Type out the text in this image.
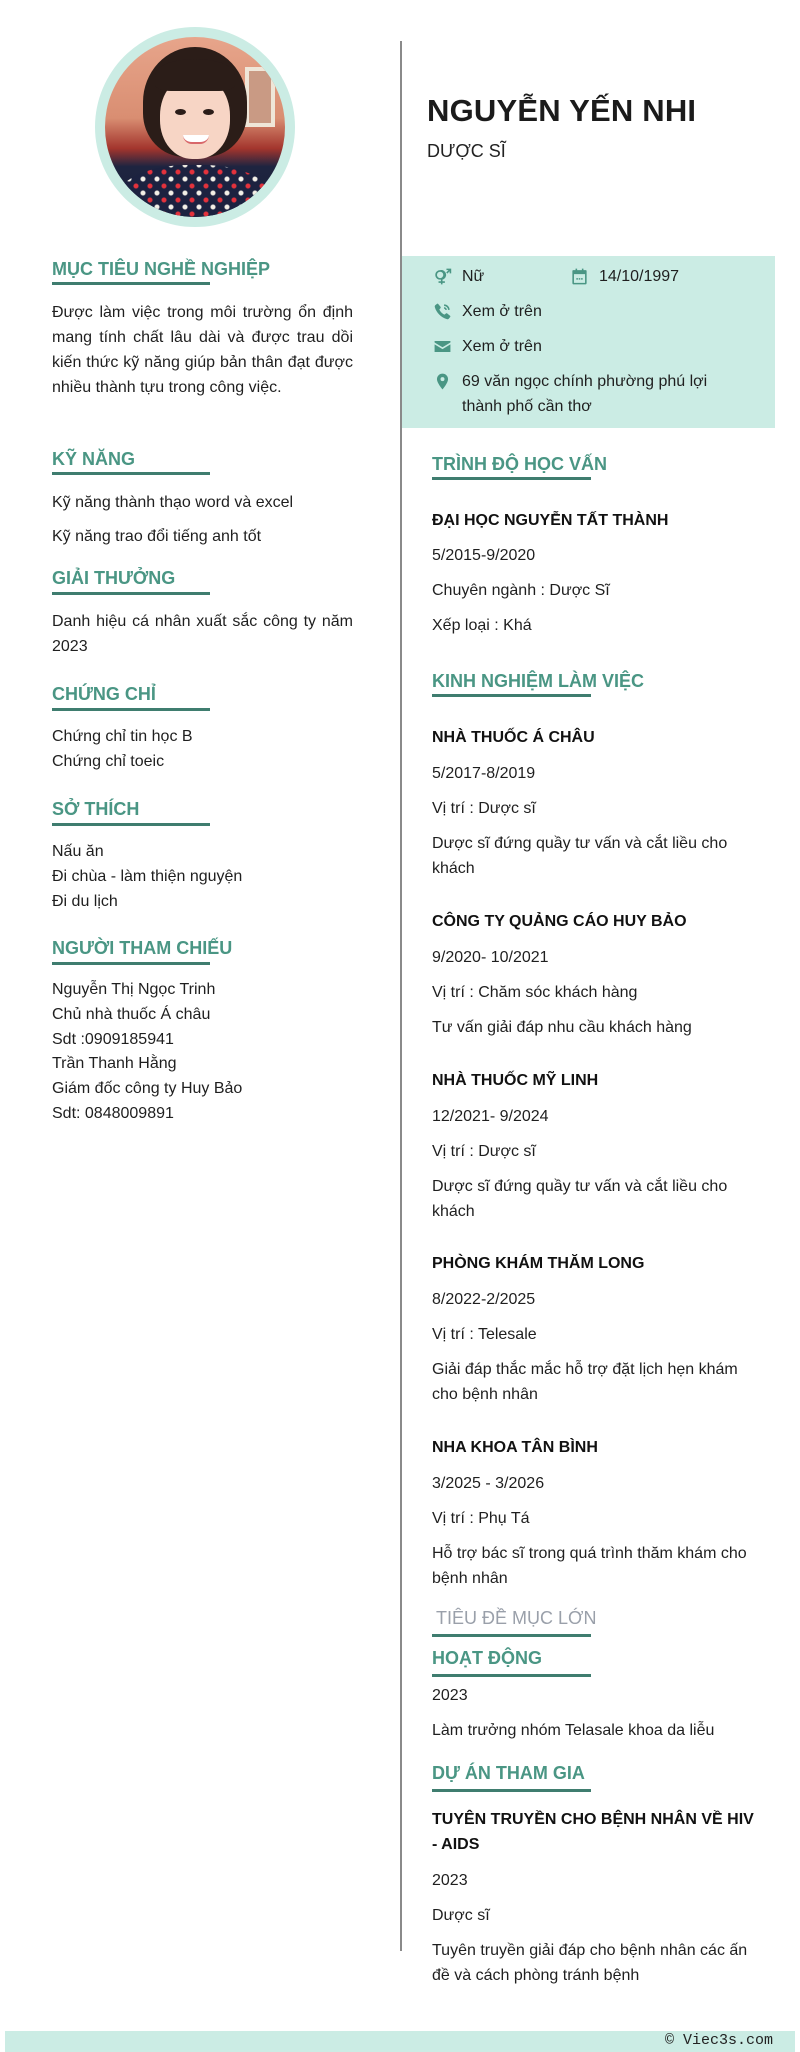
MỤC TIÊU NGHỀ NGHIỆP
Được làm việc trong môi trường ổn định mang tính chất lâu dài và được trau dồi kiến thức kỹ năng giúp bản thân đạt được nhiều thành tựu trong công việc.
KỸ NĂNG
Kỹ năng thành thạo word và excel
Kỹ năng trao đổi tiếng anh tốt
GIẢI THƯỞNG
Danh hiệu cá nhân xuất sắc công ty năm 2023
CHỨNG CHỈ
Chứng chỉ tin học B
Chứng chỉ toeic
SỞ THÍCH
Nấu ăn
Đi chùa - làm thiện nguyện
Đi du lịch
NGƯỜI THAM CHIẾU
Nguyễn Thị Ngọc Trinh
Chủ nhà thuốc Á châu
Sdt :0909185941
Trần Thanh Hằng
Giám đốc công ty Huy Bảo
Sdt: 0848009891
NGUYỄN YẾN NHI
DƯỢC SĨ
Nữ	14/10/1997
Xem ở trên
Xem ở trên
69 văn ngọc chính phường phú lợi
thành phố cần thơ
TRÌNH ĐỘ HỌC VẤN
ĐẠI HỌC NGUYỄN TẤT THÀNH
5/2015-9/2020
Chuyên ngành : Dược Sĩ
Xếp loại : Khá
KINH NGHIỆM LÀM VIỆC
NHÀ THUỐC Á CHÂU
5/2017-8/2019
Vị trí : Dược sĩ
Dược sĩ đứng quầy tư vấn và cắt liều cho khách
CÔNG TY QUẢNG CÁO HUY BẢO
9/2020- 10/2021
Vị trí : Chăm sóc khách hàng
Tư vấn giải đáp nhu cầu khách hàng
NHÀ THUỐC MỸ LINH
12/2021- 9/2024
Vị trí : Dược sĩ
Dược sĩ đứng quầy tư vấn và cắt liều cho khách
PHÒNG KHÁM THĂM LONG
8/2022-2/2025
Vị trí : Telesale
Giải đáp thắc mắc hỗ trợ đặt lịch hẹn khám cho bệnh nhân
NHA KHOA TÂN BÌNH
3/2025 - 3/2026
Vị trí : Phụ Tá
Hỗ trợ bác sĩ trong quá trình thăm khám cho bệnh nhân
TIÊU ĐỀ MỤC LỚN
HOẠT ĐỘNG
2023
Làm trưởng nhóm Telasale khoa da liễu
DỰ ÁN THAM GIA
TUYÊN TRUYỀN CHO BỆNH NHÂN VỀ HIV - AIDS
2023
Dược sĩ
Tuyên truyền giải đáp cho bệnh nhân các ấn đề và cách phòng tránh bệnh
© Viec3s.com
